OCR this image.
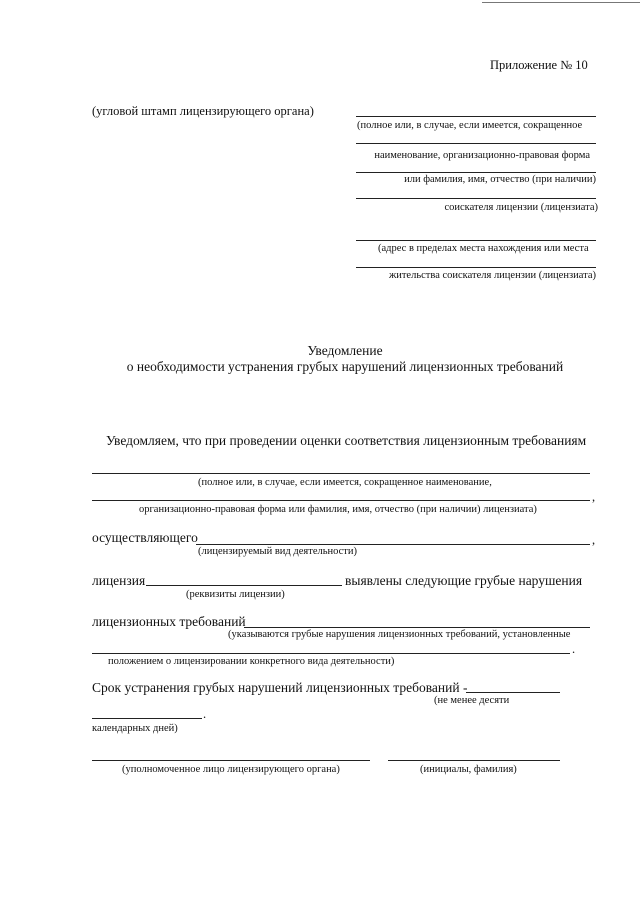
Приложение № 10
(угловой штамп лицензирующего органа)
(полное или, в случае, если имеется, сокращенное
наименование, организационно-правовая форма
или фамилия, имя, отчество (при наличии)
соискателя лицензии (лицензиата)
(адрес в пределах места нахождения или места
жительства соискателя лицензии (лицензиата)
Уведомление
о необходимости устранения грубых нарушений лицензионных требований
Уведомляем, что при проведении оценки соответствия лицензионным требованиям
(полное или, в случае, если имеется, сокращенное наименование,
,
организационно-правовая форма или фамилия, имя, отчество (при наличии) лицензиата)
осуществляющего	,
(лицензируемый вид деятельности)
лицензия	выявлены следующие грубые нарушения
(реквизиты лицензии)
лицензионных требований
(указываются грубые нарушения лицензионных требований, установленные
.
положением о лицензировании конкретного вида деятельности)
Срок устранения грубых нарушений лицензионных требований -
(не менее десяти
.
календарных дней)
(уполномоченное лицо лицензирующего органа)	(инициалы, фамилия)
